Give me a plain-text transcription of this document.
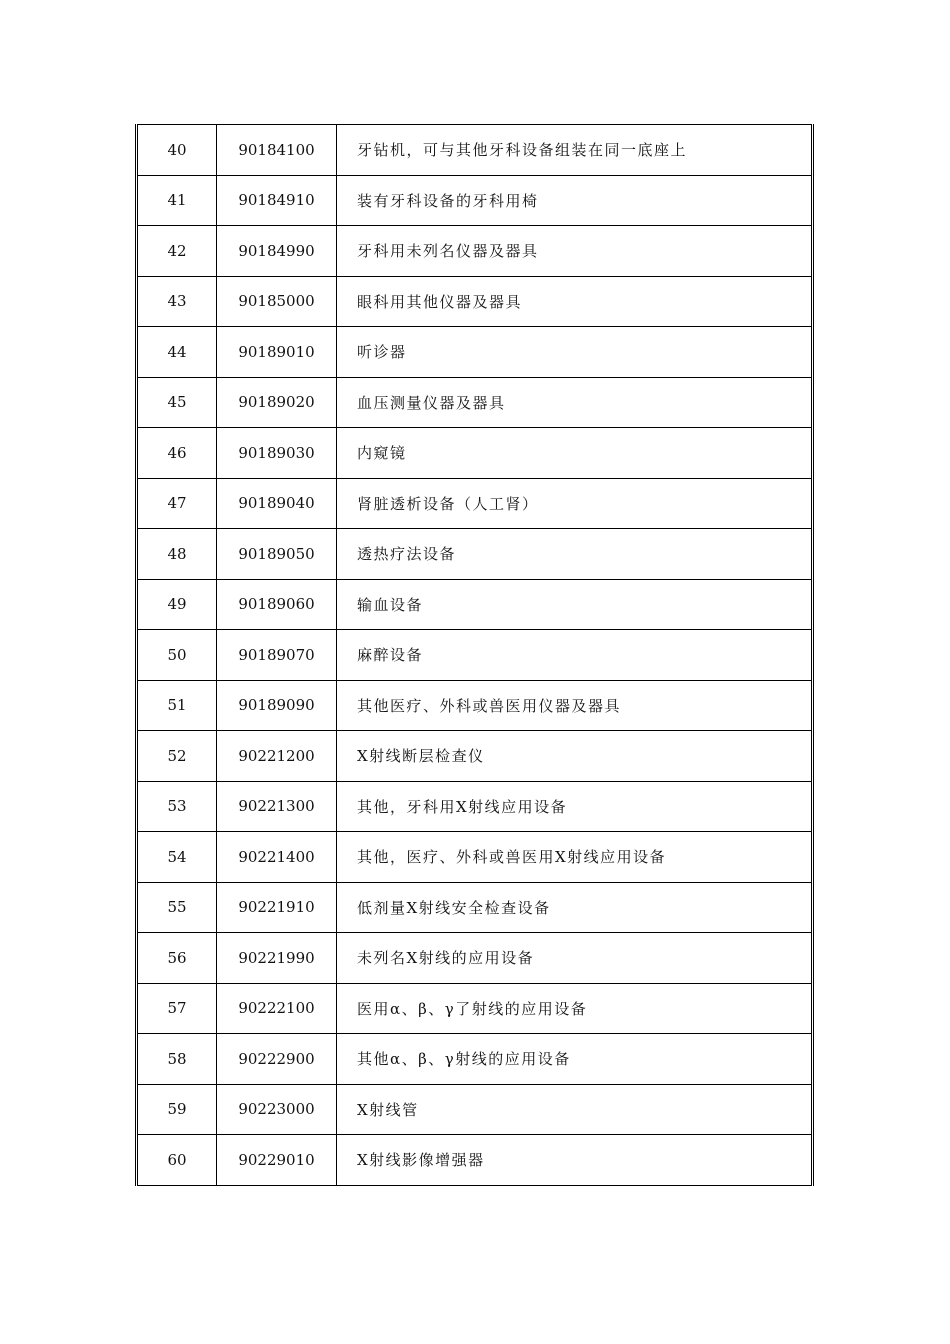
40	90184100	牙钻机，可与其他牙科设备组装在同一底座上
41	90184910	装有牙科设备的牙科用椅
42	90184990	牙科用未列名仪器及器具
43	90185000	眼科用其他仪器及器具
44	90189010	听诊器
45	90189020	血压测量仪器及器具
46	90189030	内窥镜
47	90189040	肾脏透析设备（人工肾）
48	90189050	透热疗法设备
49	90189060	输血设备
50	90189070	麻醉设备
51	90189090	其他医疗、外科或兽医用仪器及器具
52	90221200	X射线断层检查仪
53	90221300	其他，牙科用X射线应用设备
54	90221400	其他，医疗、外科或兽医用X射线应用设备
55	90221910	低剂量X射线安全检查设备
56	90221990	未列名X射线的应用设备
57	90222100	医用α、β、γ了射线的应用设备
58	90222900	其他α、β、γ射线的应用设备
59	90223000	X射线管
60	90229010	X射线影像增强器
